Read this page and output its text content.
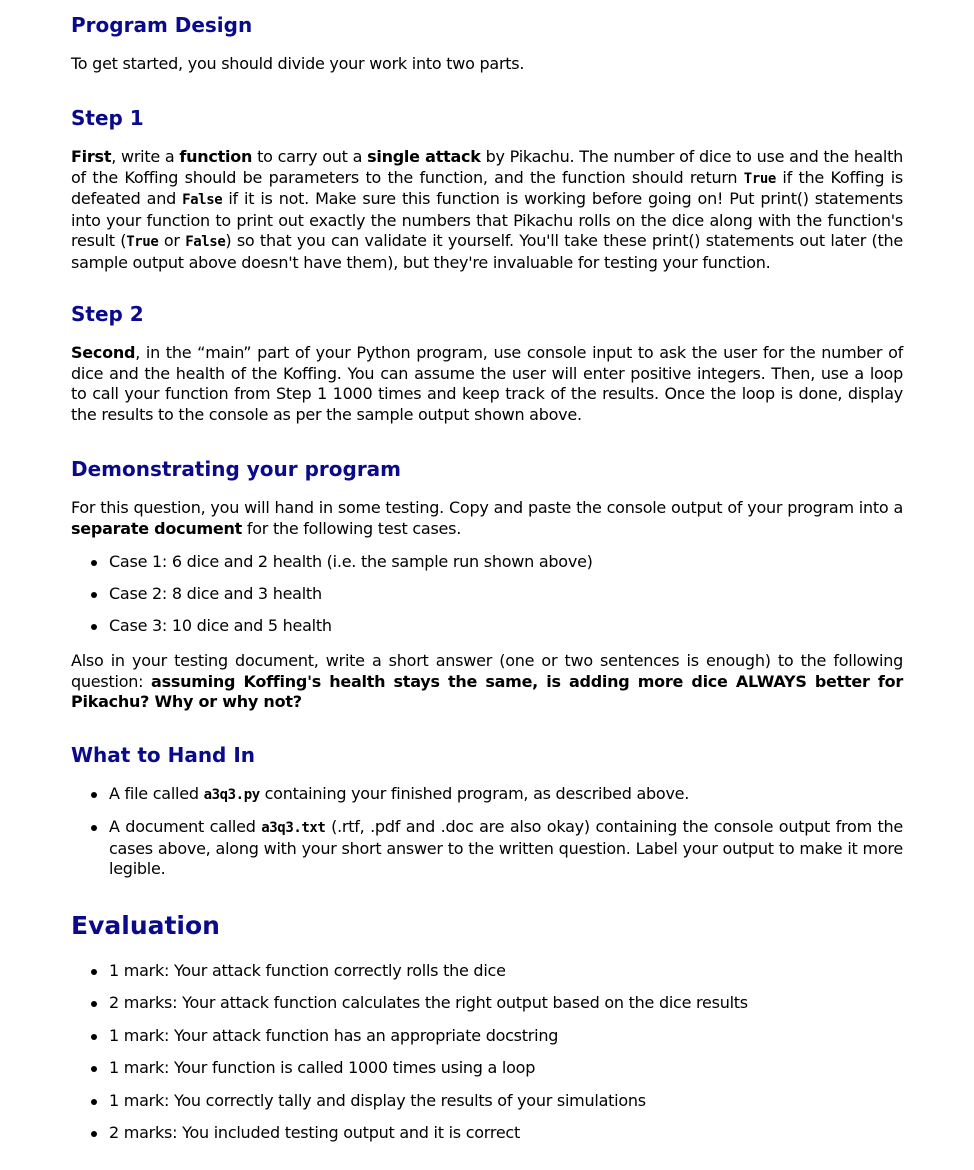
Program Design

To get started, you should divide your work into two parts.

Step 1

First, write a function to carry out a single attack by Pikachu. The number of dice to use and the health of the Koffing should be parameters to the function, and the function should return True if the Koffing is defeated and False if it is not. Make sure this function is working before going on! Put print() statements into your function to print out exactly the numbers that Pikachu rolls on the dice along with the function's result (True or False) so that you can validate it yourself. You'll take these print() statements out later (the sample output above doesn't have them), but they're invaluable for testing your function.

Step 2

Second, in the “main” part of your Python program, use console input to ask the user for the number of dice and the health of the Koffing. You can assume the user will enter positive integers. Then, use a loop to call your function from Step 1 1000 times and keep track of the results. Once the loop is done, display the results to the console as per the sample output shown above.

Demonstrating your program

For this question, you will hand in some testing. Copy and paste the console output of your program into a separate document for the following test cases.

Case 1: 6 dice and 2 health (i.e. the sample run shown above)
Case 2: 8 dice and 3 health
Case 3: 10 dice and 5 health

Also in your testing document, write a short answer (one or two sentences is enough) to the following question: assuming Koffing's health stays the same, is adding more dice ALWAYS better for Pikachu? Why or why not?

What to Hand In
A file called a3q3.py containing your finished program, as described above.
A document called a3q3.txt (.rtf, .pdf and .doc are also okay) containing the console output from the cases above, along with your short answer to the written question. Label your output to make it more legible.
Evaluation
1 mark: Your attack function correctly rolls the dice
2 marks: Your attack function calculates the right output based on the dice results
1 mark: Your attack function has an appropriate docstring
1 mark: Your function is called 1000 times using a loop
1 mark: You correctly tally and display the results of your simulations
2 marks: You included testing output and it is correct
